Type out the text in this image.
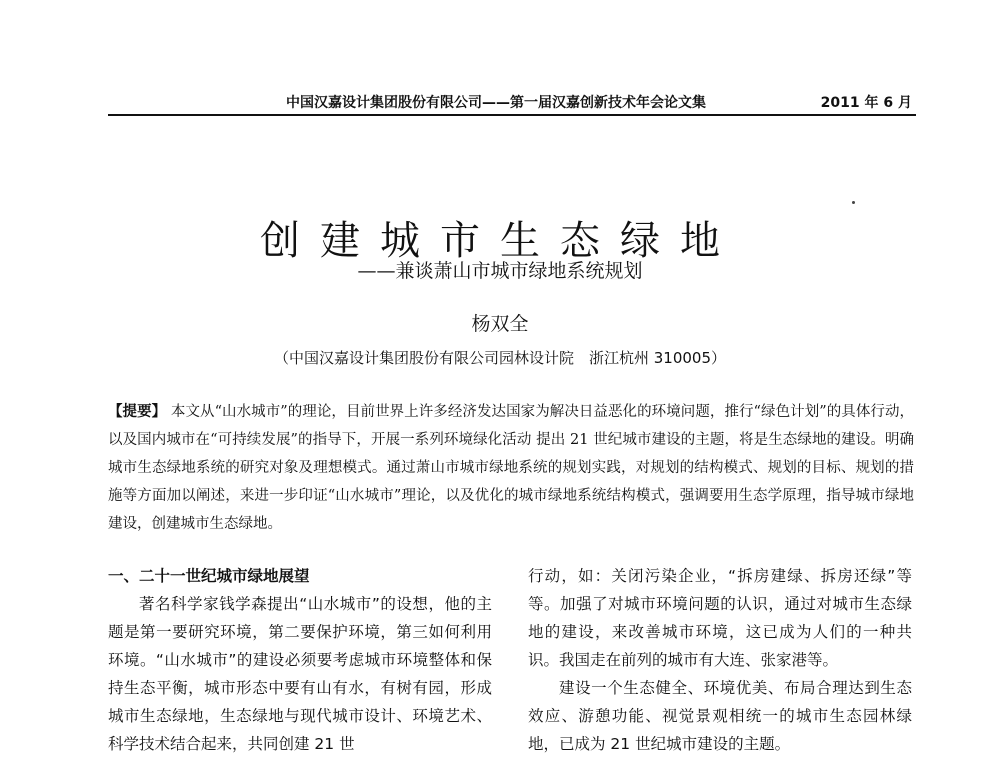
中国汉嘉设计集团股份有限公司——第一届汉嘉创新技术年会论文集	2011 年 6 月
创建城市生态绿地
——兼谈萧山市城市绿地系统规划
杨双全
（中国汉嘉设计集团股份有限公司园林设计院　浙江杭州 310005）
【提要】 本文从“山水城市”的理论，目前世界上许多经济发达国家为解决日益恶化的环境问题，推行“绿色计划”的具体行动，以及国内城市在“可持续发展”的指导下，开展一系列环境绿化活动 提出 21 世纪城市建设的主题，将是生态绿地的建设。明确城市生态绿地系统的研究对象及理想模式。通过萧山市城市绿地系统的规划实践，对规划的结构模式、规划的目标、规划的措施等方面加以阐述，来进一步印证“山水城市”理论，以及优化的城市绿地系统结构模式，强调要用生态学原理，指导城市绿地建设，创建城市生态绿地。

一、二十一世纪城市绿地展望

著名科学家钱学森提出“山水城市”的设想，他的主题是第一要研究环境，第二要保护环境，第三如何利用环境。“山水城市”的建设必须要考虑城市环境整体和保持生态平衡，城市形态中要有山有水，有树有园，形成城市生态绿地，生态绿地与现代城市设计、环境艺术、科学技术结合起来，共同创建 21 世

行动，如：关闭污染企业，“拆房建绿、拆房还绿”等等。加强了对城市环境问题的认识，通过对城市生态绿地的建设，来改善城市环境，这已成为人们的一种共识。我国走在前列的城市有大连、张家港等。

建设一个生态健全、环境优美、布局合理达到生态效应、游憩功能、视觉景观相统一的城市生态园林绿地，已成为 21 世纪城市建设的主题。
